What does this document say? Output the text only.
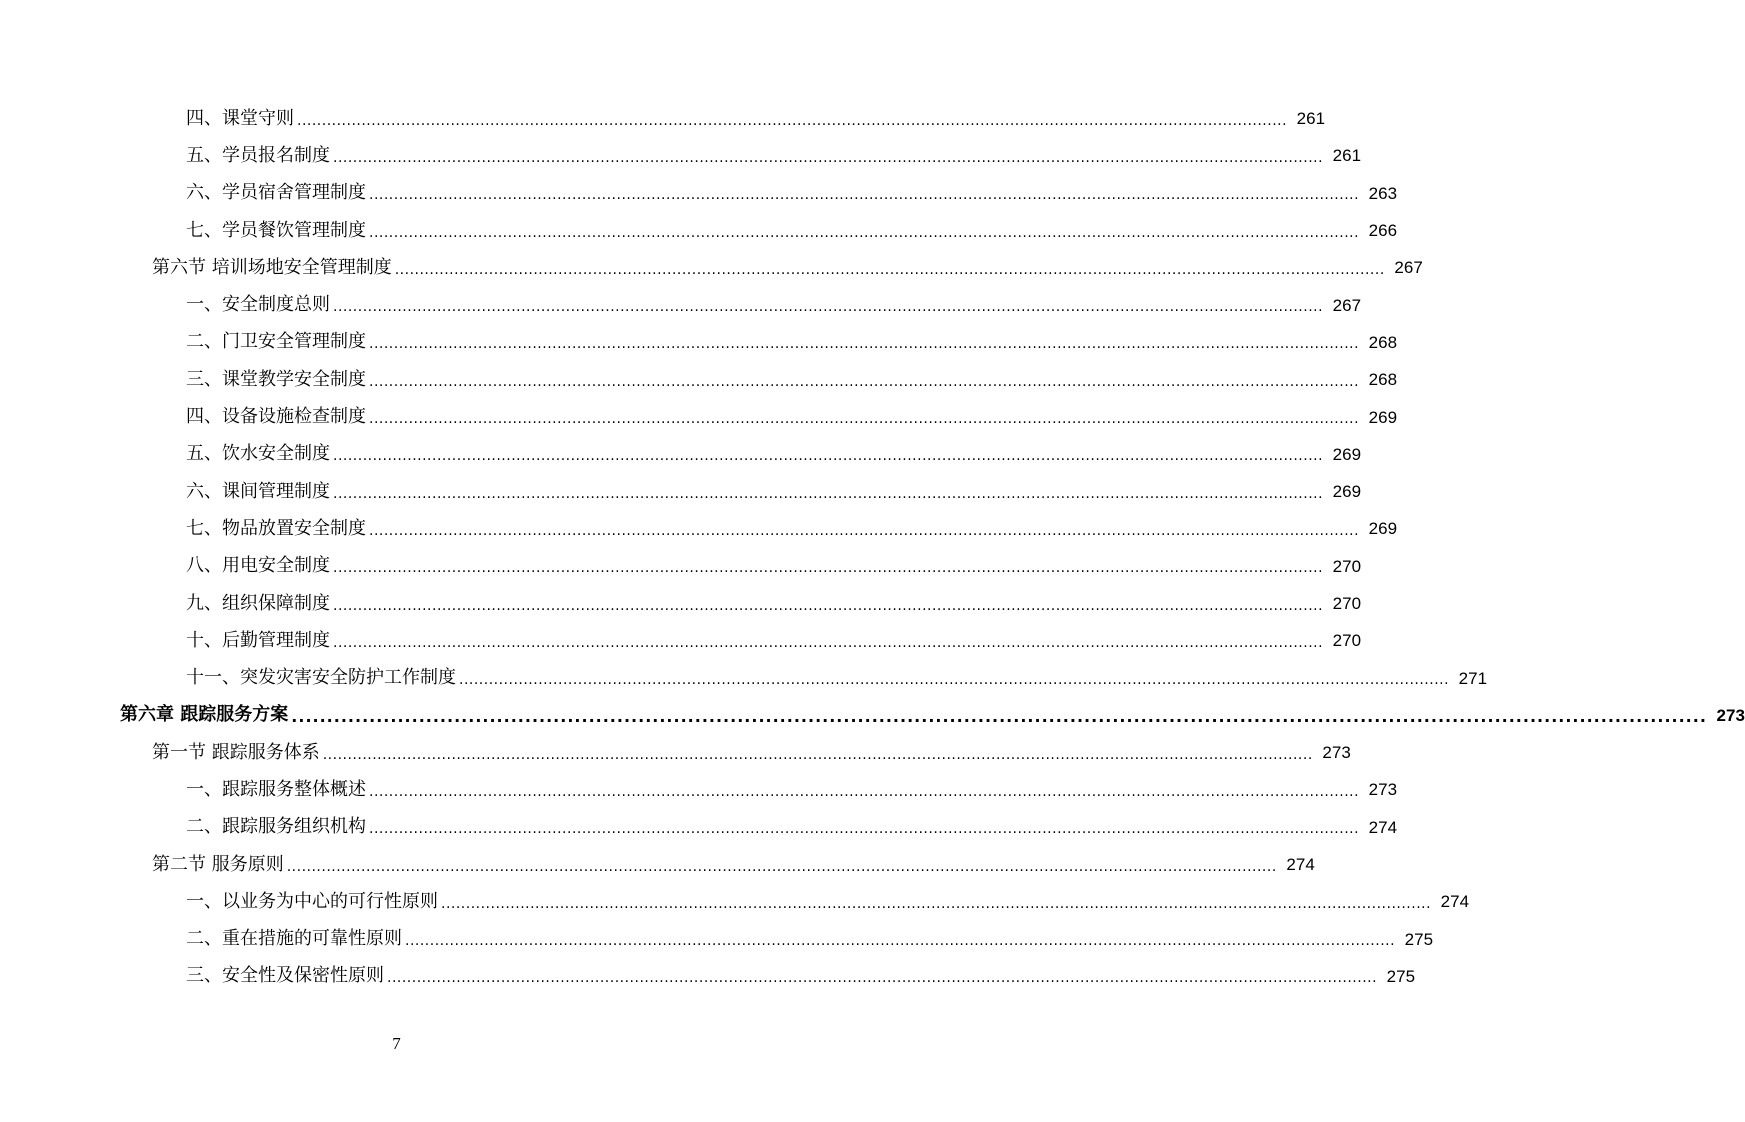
四、课堂守则 ........................................................................................................................................................................................................ 261
五、学员报名制度 ........................................................................................................................................................................................................ 261
六、学员宿舍管理制度 ........................................................................................................................................................................................................ 263
七、学员餐饮管理制度 ........................................................................................................................................................................................................ 266
第六节 培训场地安全管理制度 ........................................................................................................................................................................................................ 267
一、安全制度总则 ........................................................................................................................................................................................................ 267
二、门卫安全管理制度 ........................................................................................................................................................................................................ 268
三、课堂教学安全制度 ........................................................................................................................................................................................................ 268
四、设备设施检查制度 ........................................................................................................................................................................................................ 269
五、饮水安全制度 ........................................................................................................................................................................................................ 269
六、课间管理制度 ........................................................................................................................................................................................................ 269
七、物品放置安全制度 ........................................................................................................................................................................................................ 269
八、用电安全制度 ........................................................................................................................................................................................................ 270
九、组织保障制度 ........................................................................................................................................................................................................ 270
十、后勤管理制度 ........................................................................................................................................................................................................ 270
十一、突发灾害安全防护工作制度 ........................................................................................................................................................................................................ 271
第六章 跟踪服务方案 ........................................................................................................................................................................................................ 273
第一节 跟踪服务体系 ........................................................................................................................................................................................................ 273
一、跟踪服务整体概述 ........................................................................................................................................................................................................ 273
二、跟踪服务组织机构 ........................................................................................................................................................................................................ 274
第二节 服务原则 ........................................................................................................................................................................................................ 274
一、以业务为中心的可行性原则 ........................................................................................................................................................................................................ 274
二、重在措施的可靠性原则 ........................................................................................................................................................................................................ 275
三、安全性及保密性原则 ........................................................................................................................................................................................................ 275
7
